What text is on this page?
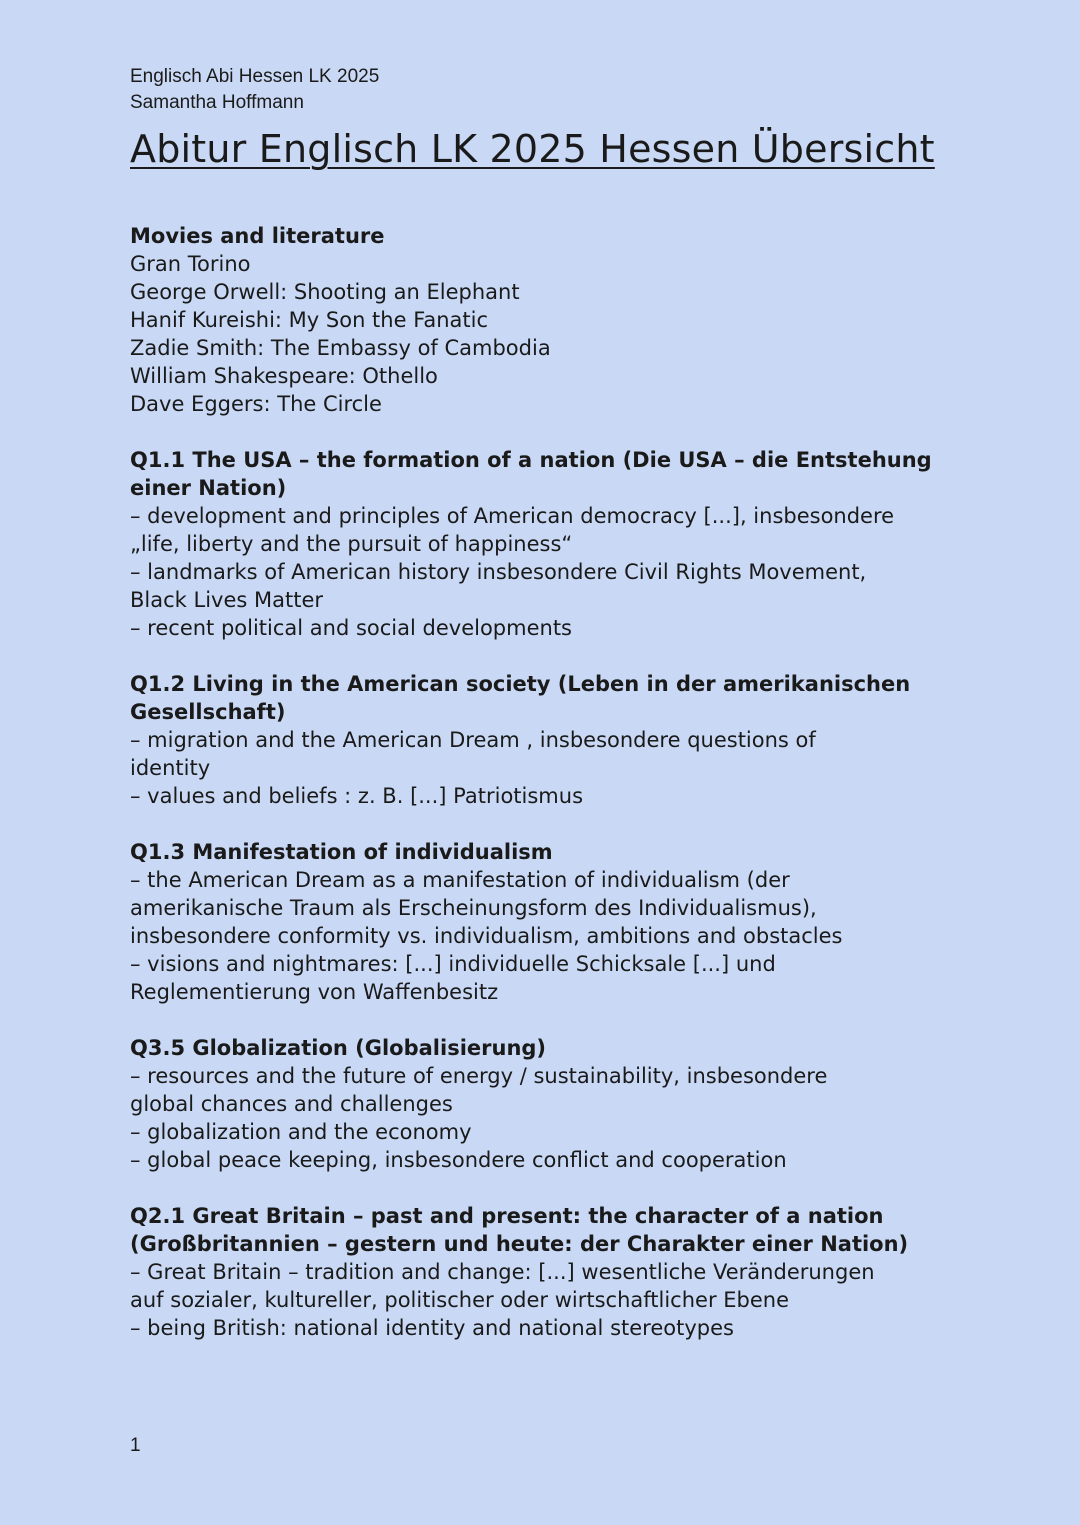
Englisch Abi Hessen LK 2025
Samantha Hoffmann
Abitur Englisch LK 2025 Hessen Übersicht

Movies and literature

Gran Torino

George Orwell: Shooting an Elephant

Hanif Kureishi: My Son the Fanatic

Zadie Smith: The Embassy of Cambodia

William Shakespeare: Othello

Dave Eggers: The Circle

Q1.1 The USA – the formation of a nation (Die USA – die Entstehung

einer Nation)

– development and principles of American democracy [...], insbesondere

„life, liberty and the pursuit of happiness“

– landmarks of American history insbesondere Civil Rights Movement,

Black Lives Matter

– recent political and social developments

Q1.2 Living in the American society (Leben in der amerikanischen

Gesellschaft)

– migration and the American Dream , insbesondere questions of

identity

– values and beliefs : z. B. [...] Patriotismus

Q1.3 Manifestation of individualism

– the American Dream as a manifestation of individualism (der

amerikanische Traum als Erscheinungsform des Individualismus),

insbesondere conformity vs. individualism, ambitions and obstacles

– visions and nightmares: [...] individuelle Schicksale [...] und

Reglementierung von Waffenbesitz

Q3.5 Globalization (Globalisierung)

– resources and the future of energy / sustainability, insbesondere

global chances and challenges

– globalization and the economy

– global peace keeping, insbesondere conflict and cooperation

Q2.1 Great Britain – past and present: the character of a nation

(Großbritannien – gestern und heute: der Charakter einer Nation)

– Great Britain – tradition and change: [...] wesentliche Veränderungen

auf sozialer, kultureller, politischer oder wirtschaftlicher Ebene

– being British: national identity and national stereotypes

1
